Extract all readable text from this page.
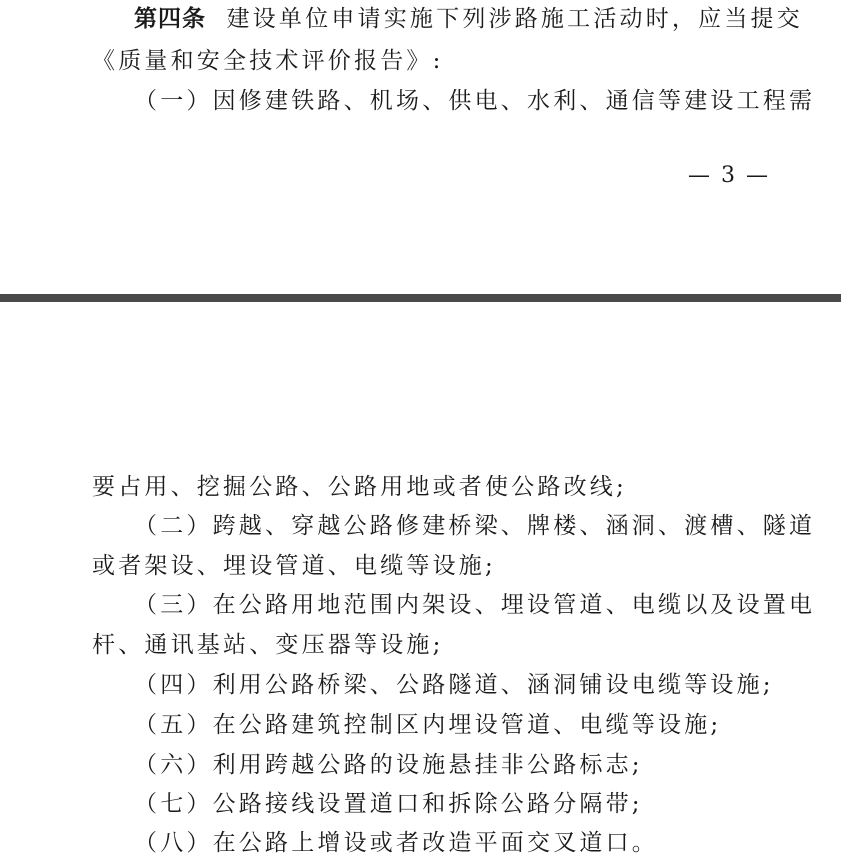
第四条 建设单位申请实施下列涉路施工活动时，应当提交
《质量和安全技术评价报告》:
（一）因修建铁路、机场、供电、水利、通信等建设工程需
— 3 —
要占用、挖掘公路、公路用地或者使公路改线;
（二）跨越、穿越公路修建桥梁、牌楼、涵洞、渡槽、隧道
或者架设、埋设管道、电缆等设施;
（三）在公路用地范围内架设、埋设管道、电缆以及设置电
杆、通讯基站、变压器等设施;
（四）利用公路桥梁、公路隧道、涵洞铺设电缆等设施;
（五）在公路建筑控制区内埋设管道、电缆等设施;
（六）利用跨越公路的设施悬挂非公路标志;
（七）公路接线设置道口和拆除公路分隔带;
（八）在公路上增设或者改造平面交叉道口。
